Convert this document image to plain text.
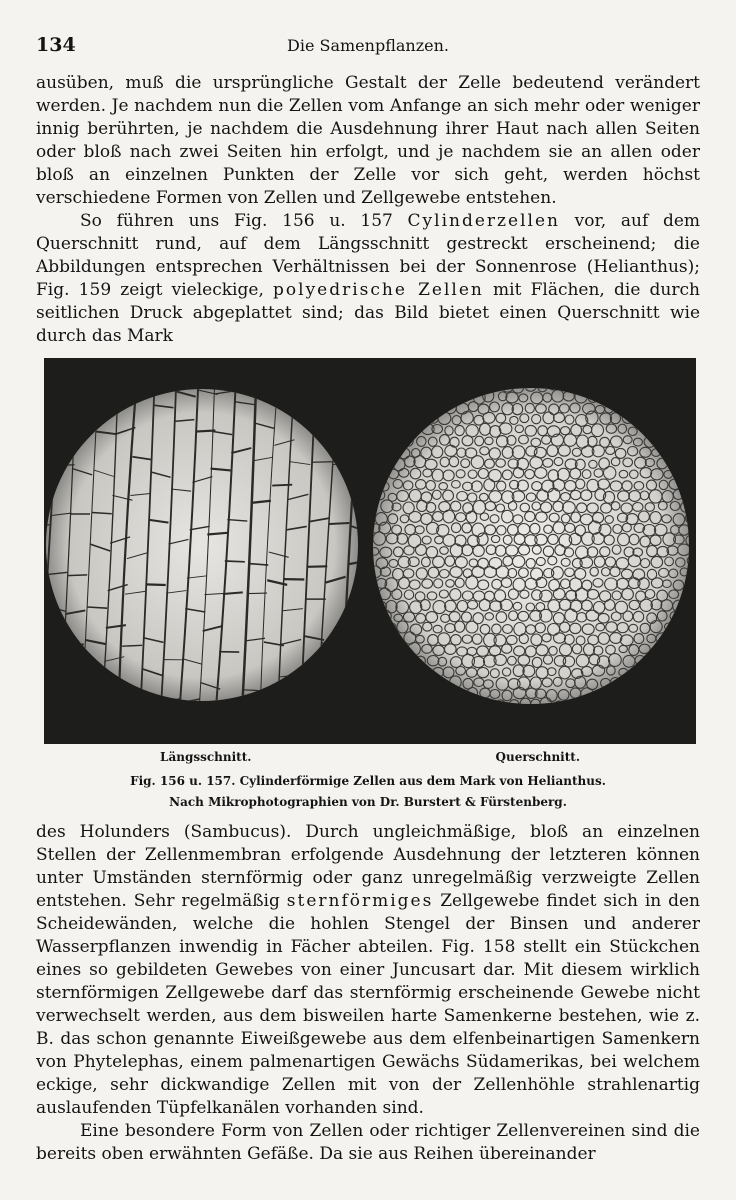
134	Die Samenpflanzen.

ausüben, muß die ursprüngliche Gestalt der Zelle bedeutend verändert werden. Je nachdem nun die Zellen vom Anfange an sich mehr oder weniger innig berührten, je nachdem die Ausdehnung ihrer Haut nach allen Seiten oder bloß nach zwei Seiten hin erfolgt, und je nachdem sie an allen oder bloß an einzelnen Punkten der Zelle vor sich geht, werden höchst verschiedene Formen von Zellen und Zellgewebe entstehen.

So führen uns Fig. 156 u. 157 Cylinderzellen vor, auf dem Querschnitt rund, auf dem Längsschnitt gestreckt erscheinend; die Abbildungen entsprechen Verhältnissen bei der Sonnenrose (Helianthus); Fig. 159 zeigt vieleckige, polyedrische Zellen mit Flächen, die durch seitlichen Druck abgeplattet sind; das Bild bietet einen Querschnitt wie durch das Mark

Längsschnitt.	Querschnitt.
Fig. 156 u. 157. Cylinderförmige Zellen aus dem Mark von Helianthus.
Nach Mikrophotographien von Dr. Burstert & Fürstenberg.

des Holunders (Sambucus). Durch ungleichmäßige, bloß an einzelnen Stellen der Zellenmembran erfolgende Ausdehnung der letzteren können unter Umständen sternförmig oder ganz unregelmäßig verzweigte Zellen entstehen. Sehr regelmäßig sternförmiges Zellgewebe findet sich in den Scheidewänden, welche die hohlen Stengel der Binsen und anderer Wasserpflanzen inwendig in Fächer abteilen. Fig. 158 stellt ein Stückchen eines so gebildeten Gewebes von einer Juncusart dar. Mit diesem wirklich sternförmigen Zellgewebe darf das sternförmig erscheinende Gewebe nicht verwechselt werden, aus dem bisweilen harte Samenkerne bestehen, wie z. B. das schon genannte Eiweißgewebe aus dem elfenbeinartigen Samenkern von Phytelephas, einem palmenartigen Gewächs Südamerikas, bei welchem eckige, sehr dickwandige Zellen mit von der Zellenhöhle strahlenartig auslaufenden Tüpfelkanälen vorhanden sind.

Eine besondere Form von Zellen oder richtiger Zellenvereinen sind die bereits oben erwähnten Gefäße. Da sie aus Reihen übereinander
